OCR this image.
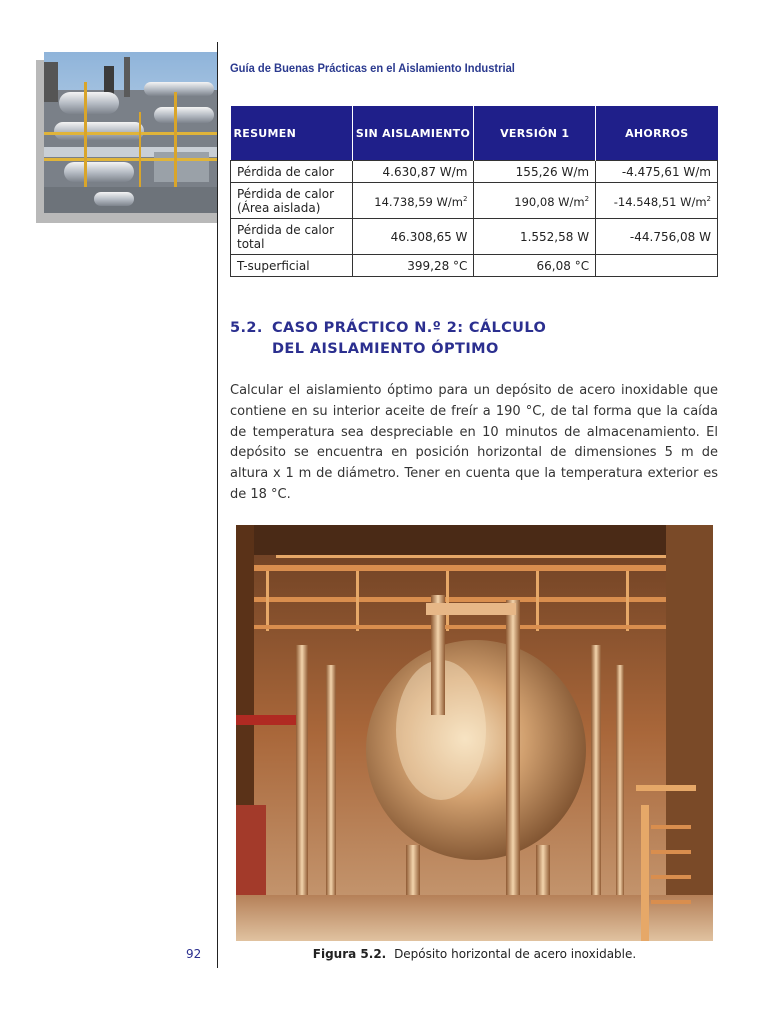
Guía de Buenas Prácticas en el Aislamiento Industrial
RESUMEN	SIN AISLAMIENTO	VERSIÓN 1	AHORROS
Pérdida de calor	4.630,87 W/m	155,26 W/m	-4.475,61 W/m
Pérdida de calor
(Área aislada)	14.738,59 $W/m^2$	190,08 $W/m^2$	-14.548,51 $W/m^2$
Pérdida de calor
total	46.308,65 W	1.552,58 W	-44.756,08 W
T-superficial	399,28 °C	66,08 °C	
5.2. CASO PRÁCTICO N.º 2: CÁLCULO
DEL AISLAMIENTO ÓPTIMO
Calcular el aislamiento óptimo para un depósito de acero inoxidable que contiene en su interior aceite de freír a 190 °C, de tal forma que la caída de temperatura sea despreciable en 10 minutos de almacenamiento. El depósito se encuentra en posición horizontal de dimensiones 5 m de altura x 1 m de diámetro. Tener en cuenta que la temperatura exterior es de 18 °C.
Figura 5.2. Depósito horizontal de acero inoxidable.
92
